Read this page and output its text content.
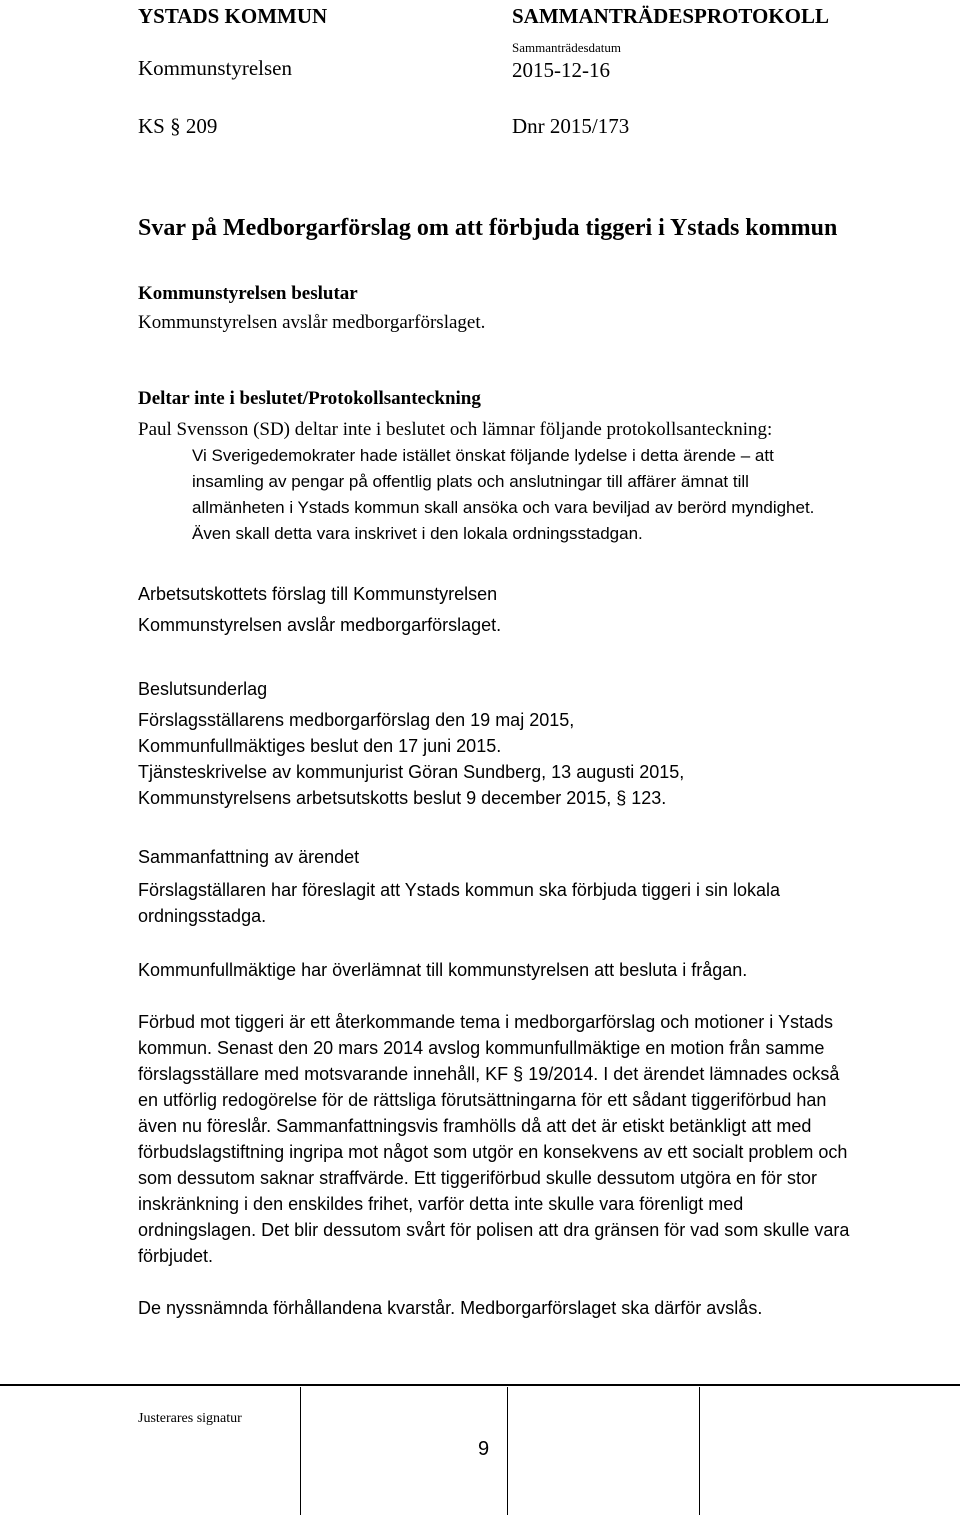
YSTADS KOMMUN	SAMMANTRÄDESPROTOKOLL
Kommunstyrelsen
Sammanträdesdatum
2015-12-16
KS § 209	Dnr 2015/173
Svar på Medborgarförslag om att förbjuda tiggeri i Ystads kommun
Kommunstyrelsen beslutar
Kommunstyrelsen avslår medborgarförslaget.
Deltar inte i beslutet/Protokollsanteckning
Paul Svensson (SD) deltar inte i beslutet och lämnar följande protokollsanteckning:
Vi Sverigedemokrater hade istället önskat följande lydelse i detta ärende – att
insamling av pengar på offentlig plats och anslutningar till affärer ämnat till
allmänheten i Ystads kommun skall ansöka och vara beviljad av berörd myndighet.
Även skall detta vara inskrivet i den lokala ordningsstadgan.
Arbetsutskottets förslag till Kommunstyrelsen
Kommunstyrelsen avslår medborgarförslaget.
Beslutsunderlag
Förslagsställarens medborgarförslag den 19 maj 2015,
Kommunfullmäktiges beslut den 17 juni 2015.
Tjänsteskrivelse av kommunjurist Göran Sundberg, 13 augusti 2015,
Kommunstyrelsens arbetsutskotts beslut 9 december 2015, § 123.
Sammanfattning av ärendet
Förslagställaren har föreslagit att Ystads kommun ska förbjuda tiggeri i sin lokala
ordningsstadga.
Kommunfullmäktige har överlämnat till kommunstyrelsen att besluta i frågan.
Förbud mot tiggeri är ett återkommande tema i medborgarförslag och motioner i Ystads
kommun. Senast den 20 mars 2014 avslog kommunfullmäktige en motion från samme
förslagsställare med motsvarande innehåll, KF § 19/2014. I det ärendet lämnades också
en utförlig redogörelse för de rättsliga förutsättningarna för ett sådant tiggeriförbud han
även nu föreslår. Sammanfattningsvis framhölls då att det är etiskt betänkligt att med
förbudslagstiftning ingripa mot något som utgör en konsekvens av ett socialt problem och
som dessutom saknar straffvärde. Ett tiggeriförbud skulle dessutom utgöra en för stor
inskränkning i den enskildes frihet, varför detta inte skulle vara förenligt med
ordningslagen. Det blir dessutom svårt för polisen att dra gränsen för vad som skulle vara
förbjudet.
De nyssnämnda förhållandena kvarstår. Medborgarförslaget ska därför avslås.
Justerares signatur
9
